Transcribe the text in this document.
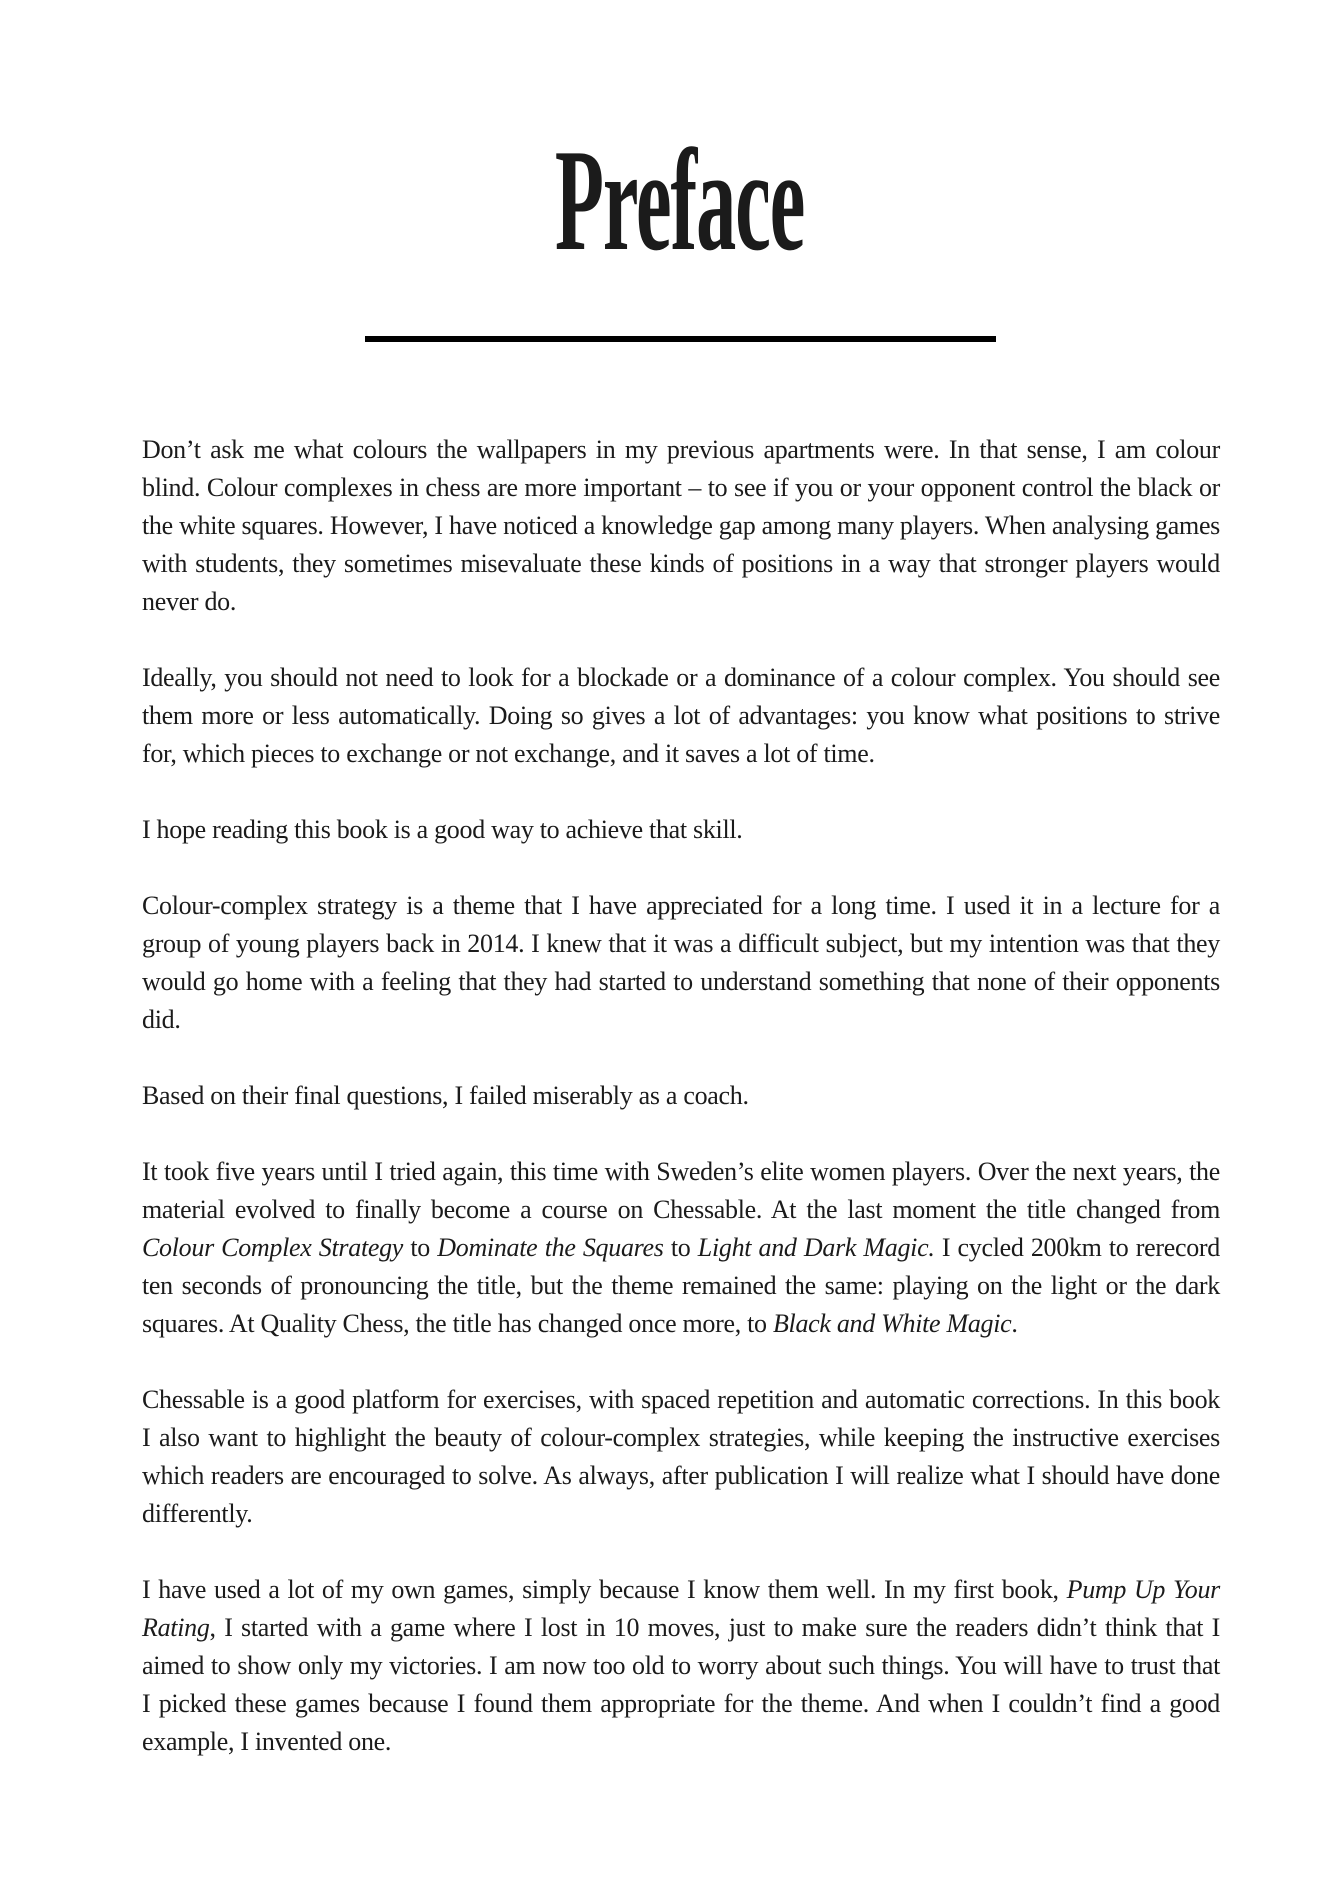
Preface

Don’t ask me what colours the wallpapers in my previous apartments were. In that sense, I am colour blind. Colour complexes in chess are more important – to see if you or your opponent control the black or the white squares. However, I have noticed a knowledge gap among many players. When analysing games with students, they sometimes misevaluate these kinds of positions in a way that stronger players would never do.

Ideally, you should not need to look for a blockade or a dominance of a colour complex. You should see them more or less automatically. Doing so gives a lot of advantages: you know what positions to strive for, which pieces to exchange or not exchange, and it saves a lot of time.

I hope reading this book is a good way to achieve that skill.

Colour-complex strategy is a theme that I have appreciated for a long time. I used it in a lecture for a group of young players back in 2014. I knew that it was a difficult subject, but my intention was that they would go home with a feeling that they had started to understand something that none of their opponents did.

Based on their final questions, I failed miserably as a coach.

It took five years until I tried again, this time with Sweden’s elite women players. Over the next years, the material evolved to finally become a course on Chessable. At the last moment the title changed from Colour Complex Strategy to Dominate the Squares to Light and Dark Magic. I cycled 200km to rerecord ten seconds of pronouncing the title, but the theme remained the same: playing on the light or the dark squares. At Quality Chess, the title has changed once more, to Black and White Magic.

Chessable is a good platform for exercises, with spaced repetition and automatic corrections. In this book I also want to highlight the beauty of colour-complex strategies, while keeping the instructive exercises which readers are encouraged to solve. As always, after publication I will realize what I should have done differently.

I have used a lot of my own games, simply because I know them well. In my first book, Pump Up Your Rating, I started with a game where I lost in 10 moves, just to make sure the readers didn’t think that I aimed to show only my victories. I am now too old to worry about such things. You will have to trust that I picked these games because I found them appropriate for the theme. And when I couldn’t find a good example, I invented one.
